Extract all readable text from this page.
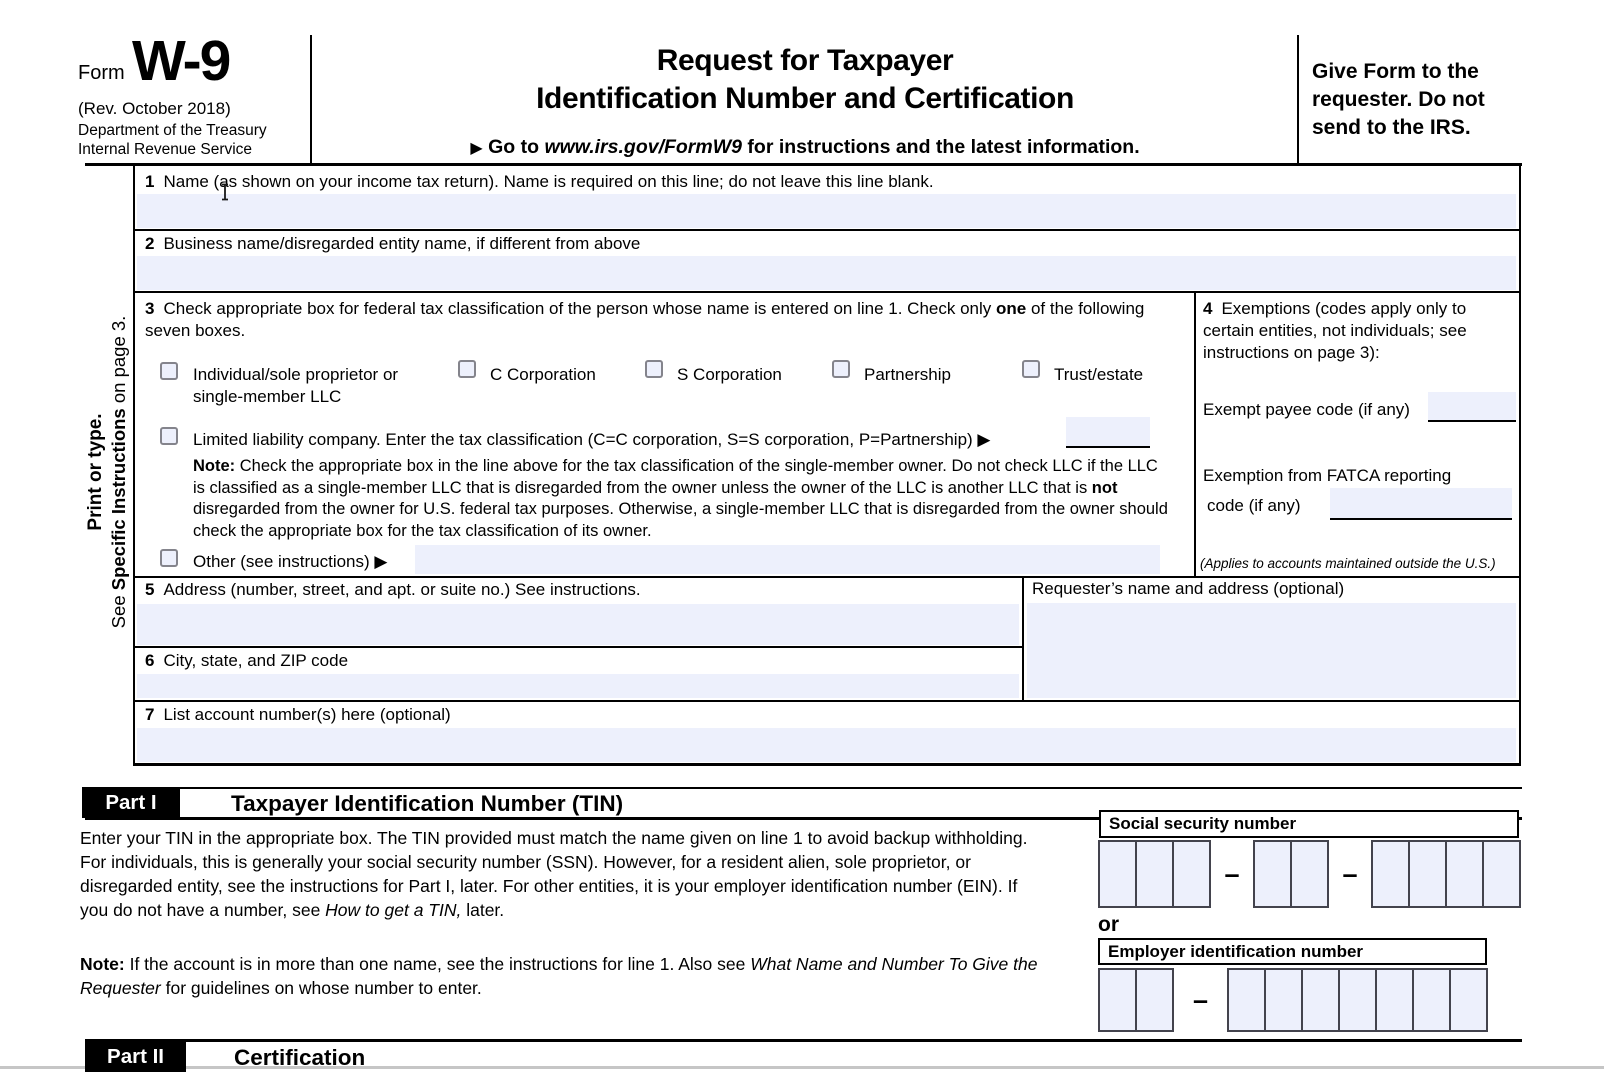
Form W-9
(Rev. October 2018)
Department of the Treasury
Internal Revenue Service
Request for Taxpayer
Identification Number and Certification
▶ Go to www.irs.gov/FormW9 for instructions and the latest information.
Give Form to the
requester. Do not
send to the IRS.
Print or type.
See Specific Instructions on page 3.
1 Name (as shown on your income tax return). Name is required on this line; do not leave this line blank.
2 Business name/disregarded entity name, if different from above
3 Check appropriate box for federal tax classification of the person whose name is entered on line 1. Check only one of the following seven boxes.
Individual/sole proprietor or single-member LLC
C Corporation	S Corporation	Partnership	Trust/estate
Limited liability company. Enter the tax classification (C=C corporation, S=S corporation, P=Partnership) ▶
Note: Check the appropriate box in the line above for the tax classification of the single-member owner. Do not check LLC if the LLC is classified as a single-member LLC that is disregarded from the owner unless the owner of the LLC is another LLC that is not disregarded from the owner for U.S. federal tax purposes. Otherwise, a single-member LLC that is disregarded from the owner should check the appropriate box for the tax classification of its owner.
Other (see instructions) ▶
4 Exemptions (codes apply only to certain entities, not individuals; see instructions on page 3):
Exempt payee code (if any)
Exemption from FATCA reporting
code (if any)
(Applies to accounts maintained outside the U.S.)
5 Address (number, street, and apt. or suite no.) See instructions.	Requester’s name and address (optional)
6 City, state, and ZIP code
7 List account number(s) here (optional)
Part I	Taxpayer Identification Number (TIN)
Enter your TIN in the appropriate box. The TIN provided must match the name given on line 1 to avoid backup withholding. For individuals, this is generally your social security number (SSN). However, for a resident alien, sole proprietor, or disregarded entity, see the instructions for Part I, later. For other entities, it is your employer identification number (EIN). If you do not have a number, see How to get a TIN, later.
Note: If the account is in more than one name, see the instructions for line 1. Also see What Name and Number To Give the Requester for guidelines on whose number to enter.
Social security number
–	–
or
Employer identification number
–
Part II	Certification
